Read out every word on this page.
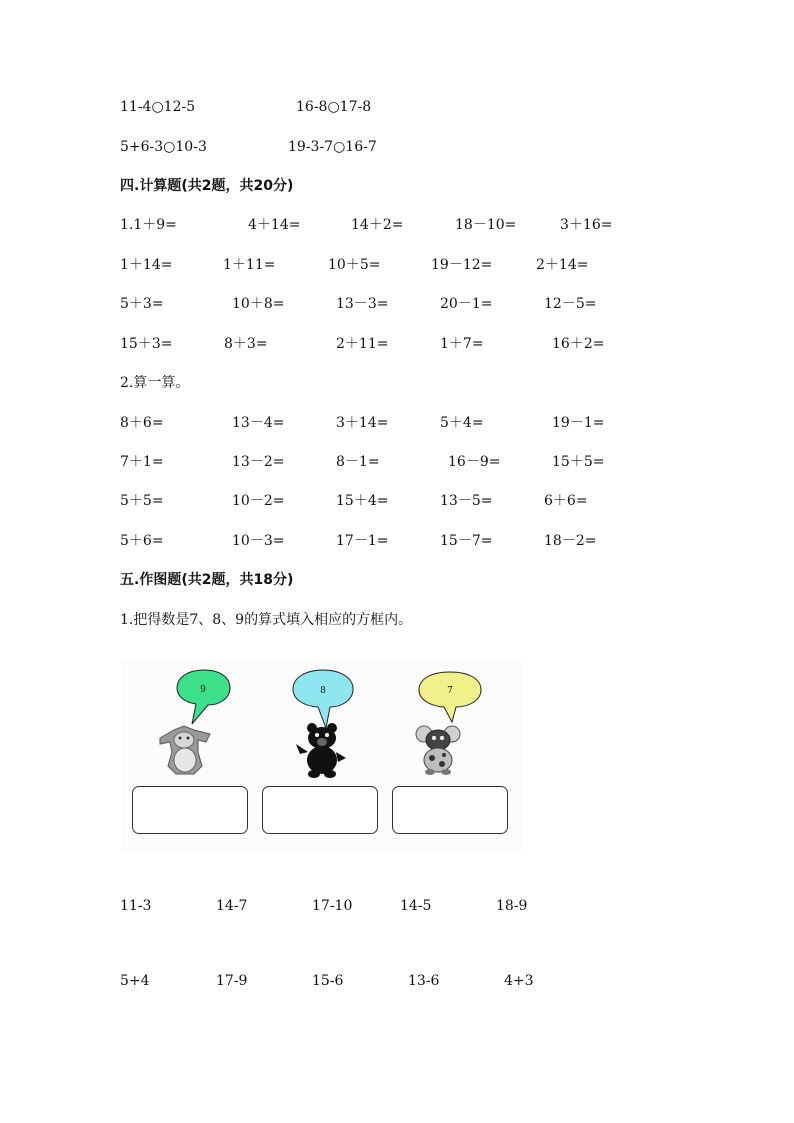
11-4○12-5	16-8○17-8
5+6-3○10-3	19-3-7○16-7
四.计算题(共2题，共20分)
1.1＋9=	4＋14=	14＋2=	18－10=	3＋16=
1＋14=	1＋11=	10＋5=	19－12=	2＋14=
5＋3=	10＋8=	13－3=	20－1=	12－5=
15＋3=	8＋3=	2＋11=	1＋7=	16＋2=
2.算一算。
8＋6=	13－4=	3＋14=	5＋4=	19－1=
7＋1=	13－2=	8－1=	16－9=	15＋5=
5＋5=	10－2=	15＋4=	13－5=	6＋6=
5＋6=	10－3=	17－1=	15－7=	18－2=
五.作图题(共2题，共18分)
1.把得数是7、8、9的算式填入相应的方框内。
9	8	7
11-3	14-7	17-10	14-5	18-9
5+4	17-9	15-6	13-6	4+3
